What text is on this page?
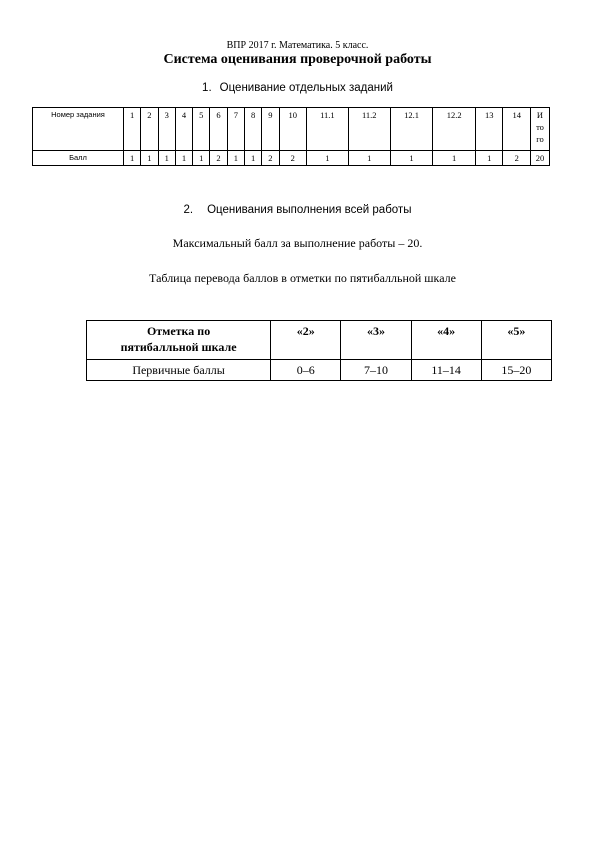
ВПР 2017 г. Математика. 5 класс.
Система оценивания проверочной работы
1. Оценивание отдельных заданий
Номер задания	1	2	3	4	5	6	7	8	9	10	11.1	11.2	12.1	12.2	13	14	И
то
го

Балл	1	1	1	1	1	2	1	1	2	2	1	1	1	1	1	2	20
2. Оценивания выполнения всей работы
Максимальный балл за выполнение работы – 20.
Таблица перевода баллов в отметки по пятибалльной шкале
Отметка по
пятибалльной шкале	«2»	«3»	«4»	«5»
Первичные баллы	0–6	7–10	11–14	15–20
